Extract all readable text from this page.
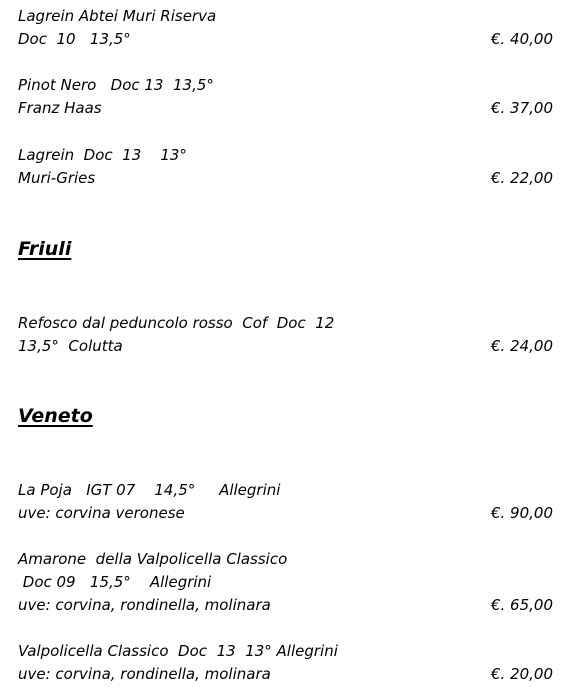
Lagrein Abtei Muri Riserva
Doc  10   13,5°	€. 40,00
Pinot Nero   Doc 13  13,5°
Franz Haas	€. 37,00
Lagrein  Doc  13    13°
Muri-Gries	€. 22,00
Friuli
Refosco dal peduncolo rosso  Cof  Doc  12
13,5°  Colutta	€. 24,00
Veneto
La Poja   IGT 07    14,5°     Allegrini
uve: corvina veronese	€. 90,00
Amarone  della Valpolicella Classico
Doc 09   15,5°    Allegrini
uve: corvina, rondinella, molinara	€. 65,00
Valpolicella Classico  Doc  13  13° Allegrini
uve: corvina, rondinella, molinara	€. 20,00
